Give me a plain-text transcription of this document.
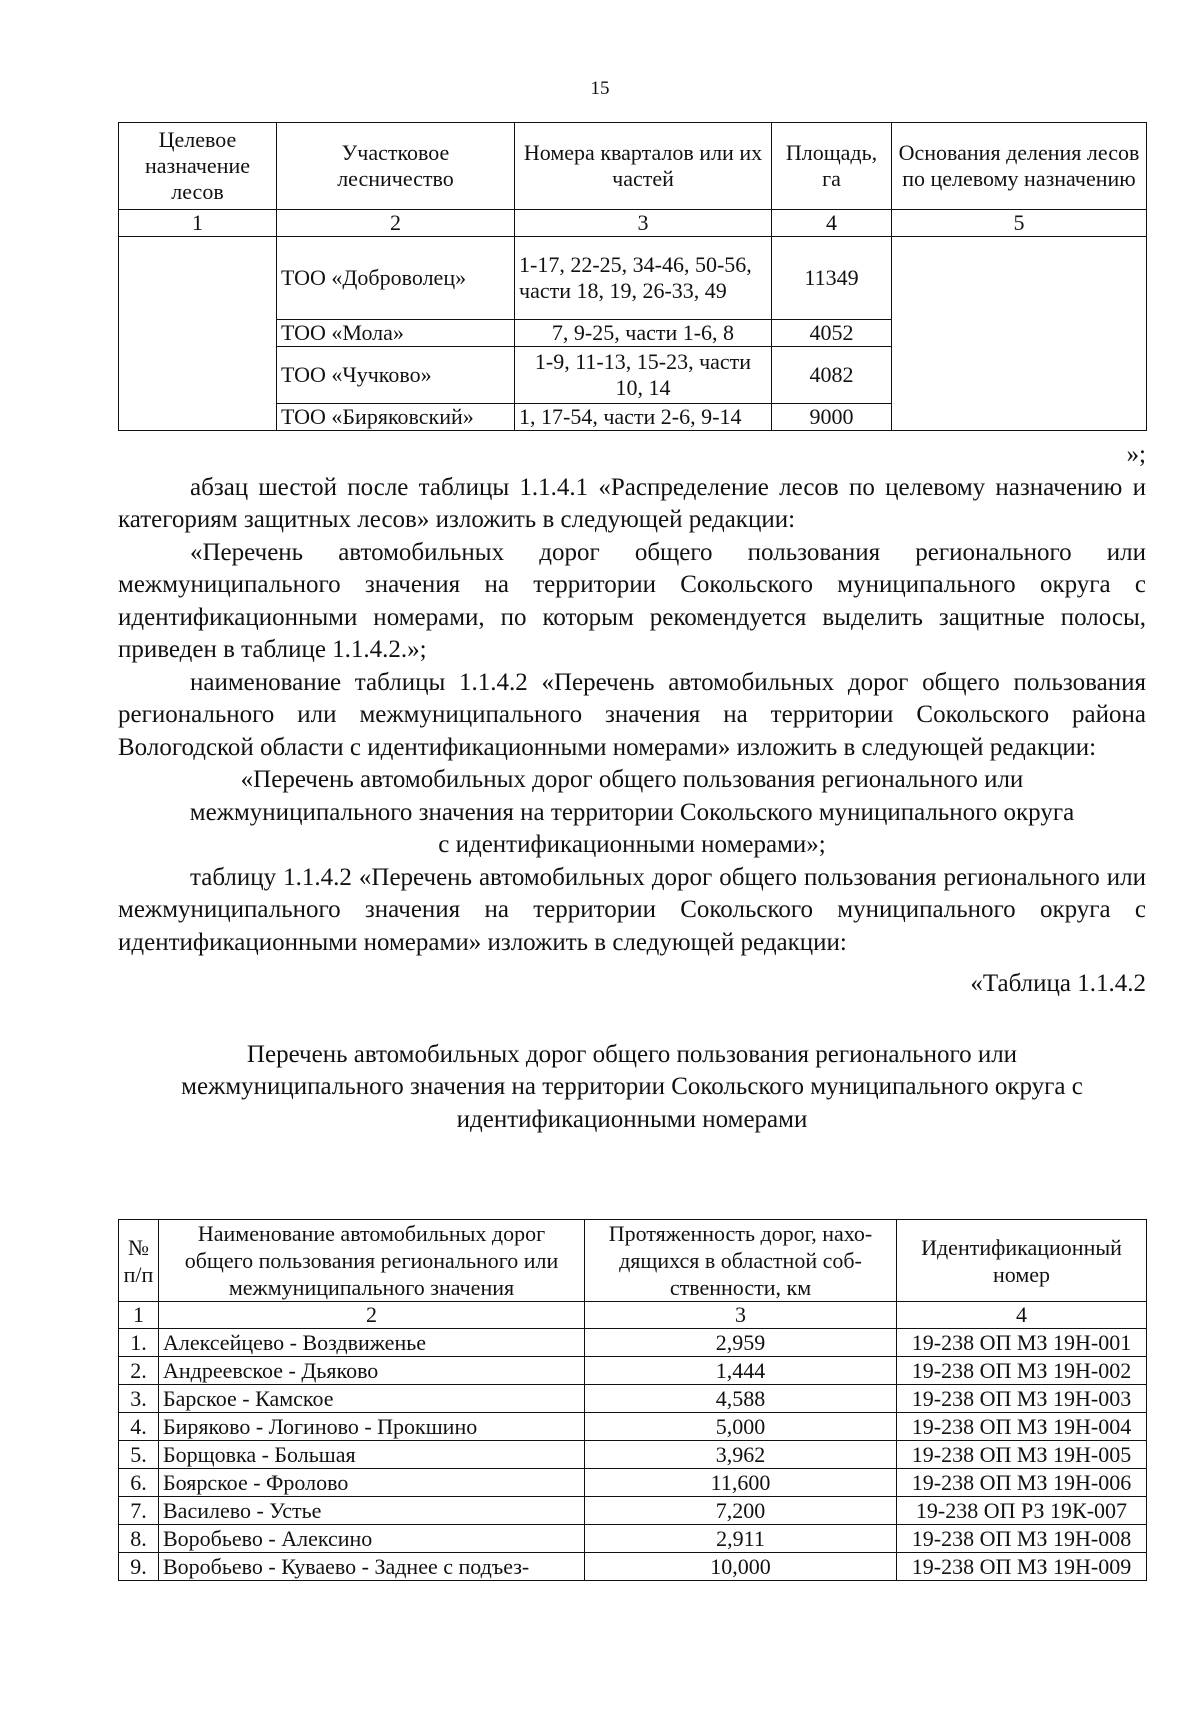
15
Целевое назначение лесов	Участковое лесничество	Номера кварталов или их частей	Площадь, га	Основания деления лесов по целевому назначению
1	2	3	4	5
	ТОО «Доброволец»	1-17, 22-25, 34-46, 50-56, части 18, 19, 26-33, 49	11349	
	ТОО «Мола»	7, 9-25, части 1-6, 8	4052	
	ТОО «Чучково»	1-9, 11-13, 15-23, части 10, 14	4082	
	ТОО «Биряковский»	1, 17-54, части 2-6, 9-14	9000	

»;

абзац шестой после таблицы 1.1.4.1 «Распределение лесов по целевому назначению и категориям защитных лесов» изложить в следующей редакции:

«Перечень автомобильных дорог общего пользования регионального или межмуниципального значения на территории Сокольского муниципального округа с идентификационными номерами, по которым рекомендуется выделить защитные полосы, приведен в таблице 1.1.4.2.»;

наименование таблицы 1.1.4.2 «Перечень автомобильных дорог общего пользования регионального или межмуниципального значения на территории Сокольского района Вологодской области с идентификационными номерами» изложить в следующей редакции:

«Перечень автомобильных дорог общего пользования регионального или межмуниципального значения на территории Сокольского муниципального округа с идентификационными номерами»;

таблицу 1.1.4.2 «Перечень автомобильных дорог общего пользования регионального или межмуниципального значения на территории Сокольского муниципального округа с идентификационными номерами» изложить в следующей редакции:

«Таблица 1.1.4.2

Перечень автомобильных дорог общего пользования регионального или межмуниципального значения на территории Сокольского муниципального округа с идентификационными номерами

№ п/п	Наименование автомобильных дорог общего пользования регионального или межмуниципального значения	Протяженность дорог, нахо-дящихся в областной соб-ственности, км	Идентификационный номер
1	2	3	4
1.	Алексейцево - Воздвиженье	2,959	19-238 ОП МЗ 19Н-001
2.	Андреевское - Дьяково	1,444	19-238 ОП МЗ 19Н-002
3.	Барское - Камское	4,588	19-238 ОП МЗ 19Н-003
4.	Биряково - Логиново - Прокшино	5,000	19-238 ОП МЗ 19Н-004
5.	Борщовка - Большая	3,962	19-238 ОП МЗ 19Н-005
6.	Боярское - Фролово	11,600	19-238 ОП МЗ 19Н-006
7.	Василево - Устье	7,200	19-238 ОП РЗ 19К-007
8.	Воробьево - Алексино	2,911	19-238 ОП МЗ 19Н-008
9.	Воробьево - Куваево - Заднее с подъез-	10,000	19-238 ОП МЗ 19Н-009
